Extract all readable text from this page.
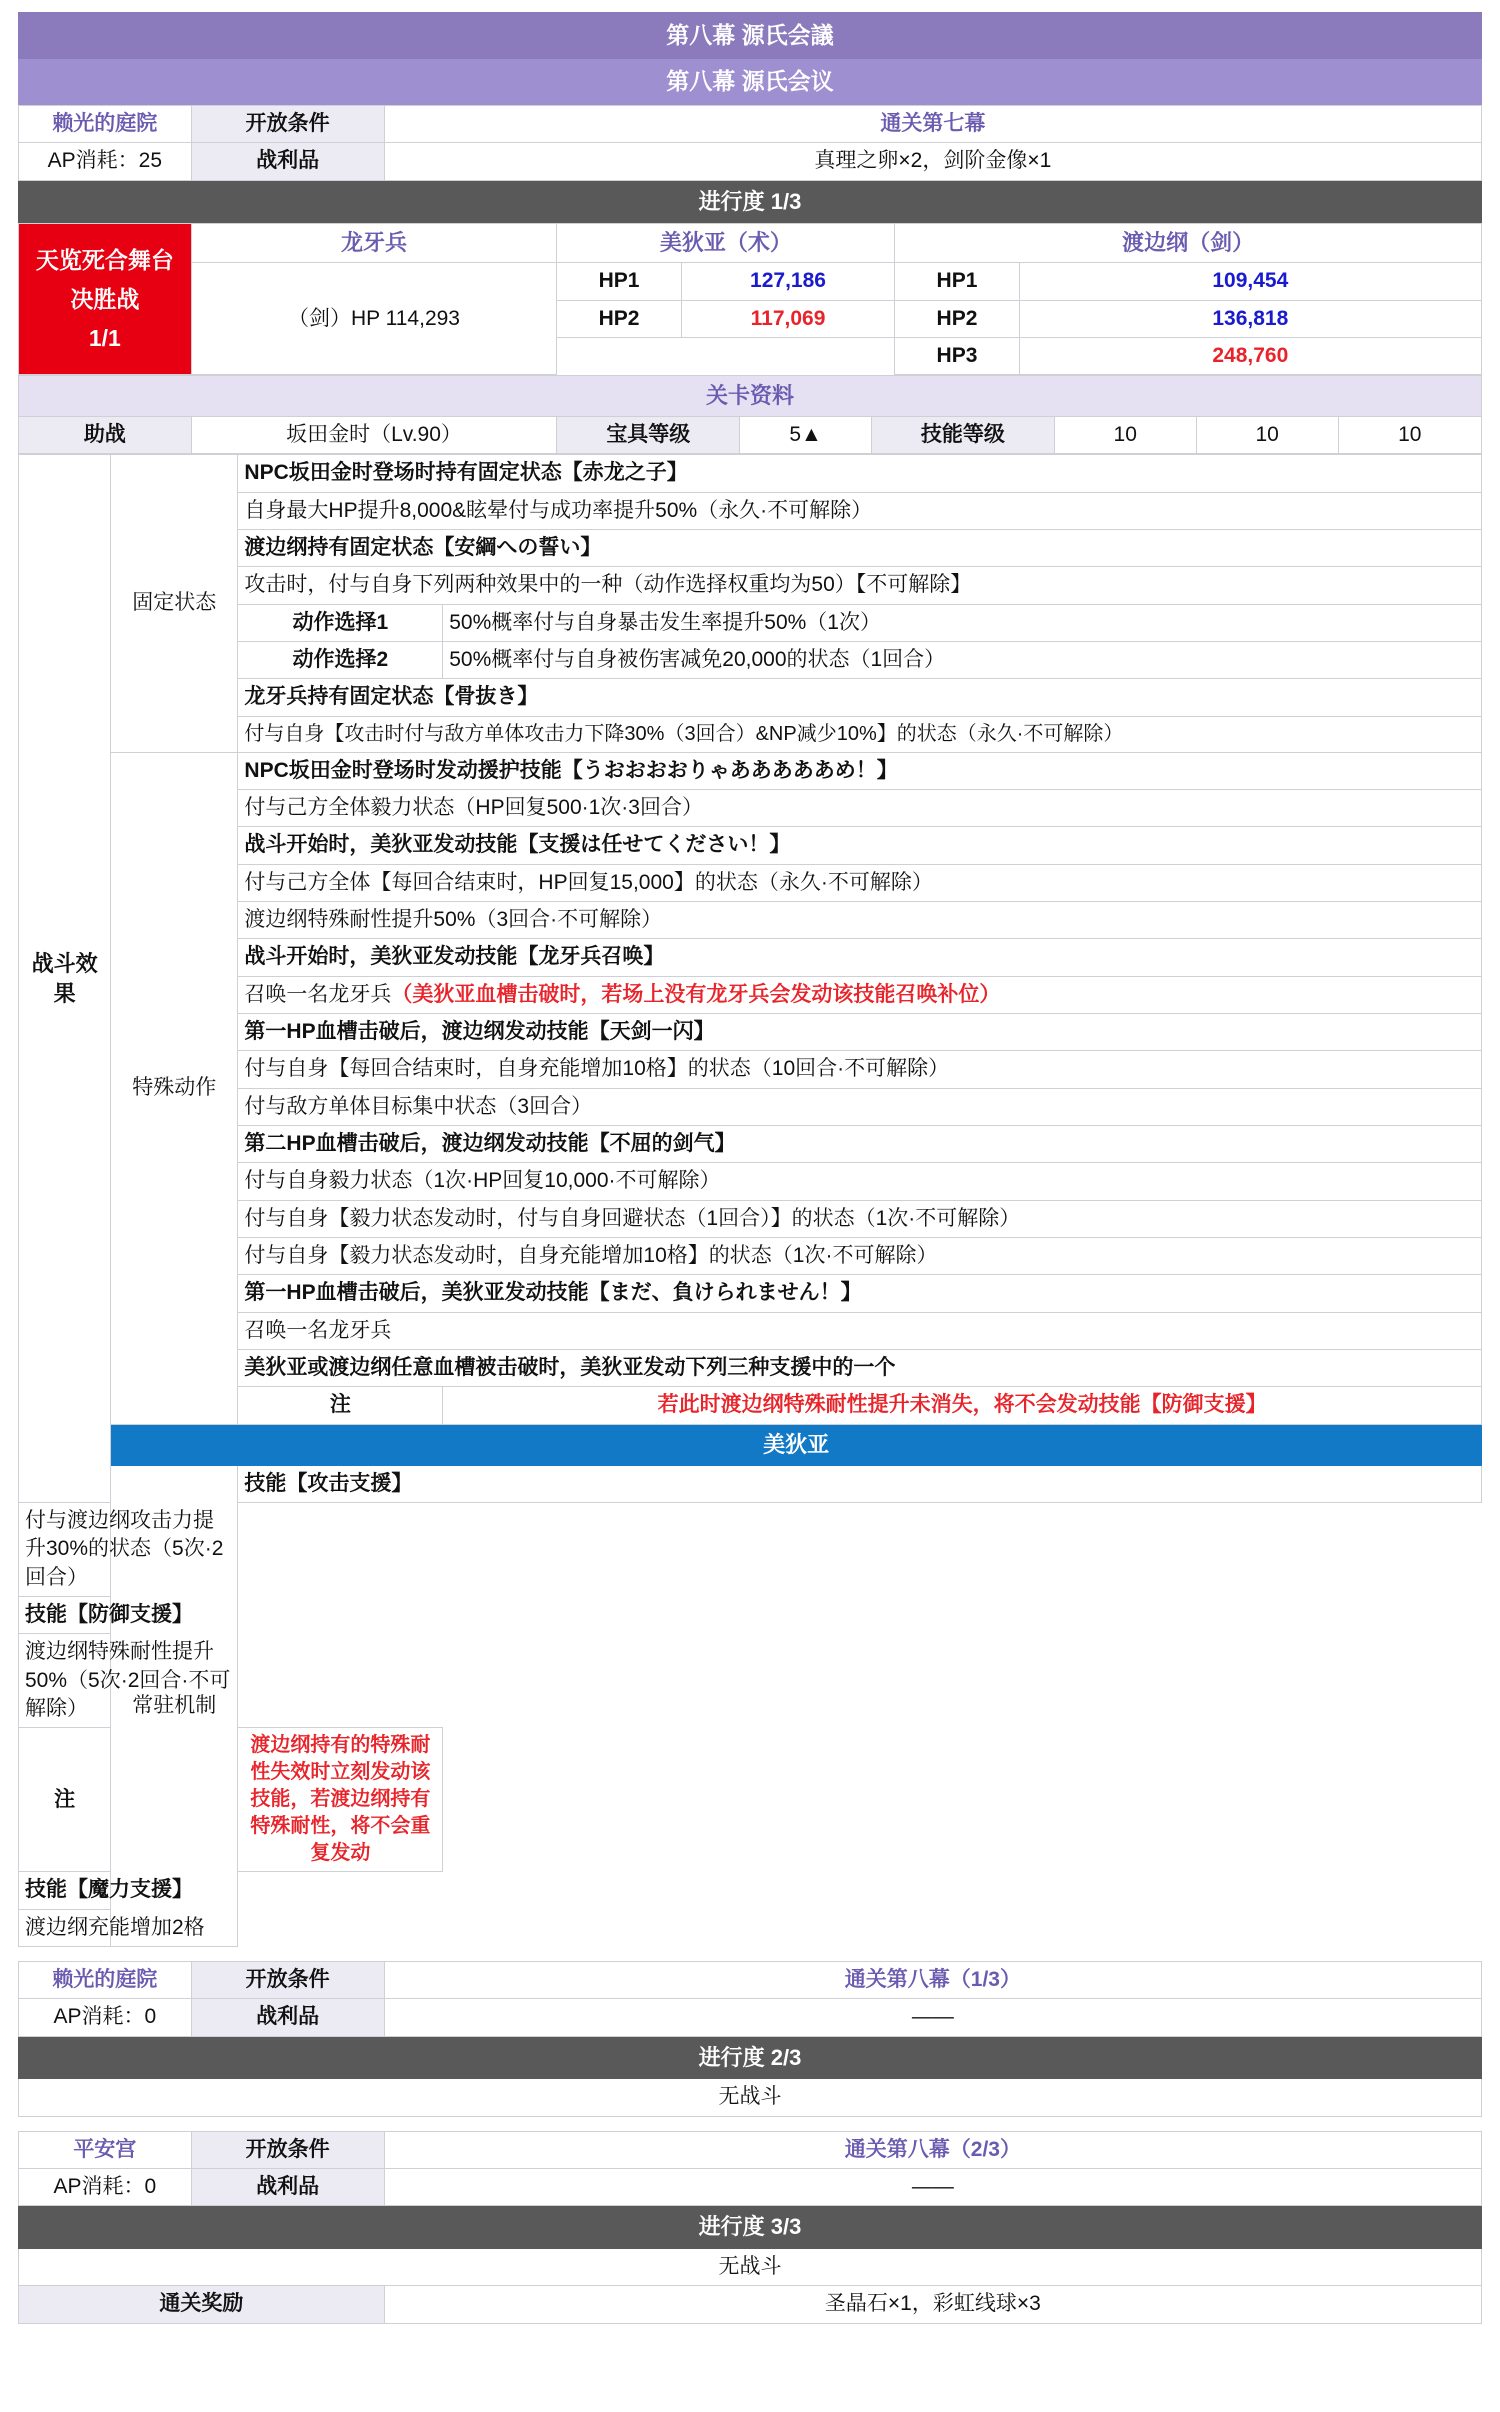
第八幕 源氏会議
第八幕 源氏会议
赖光的庭院	开放条件	通关第七幕
AP消耗：25	战利品	真理之卵×2，剑阶金像×1
进行度 1/3		
天览死合舞台
决胜战
1/1	龙牙兵	美狄亚（术）		渡边纲（剑）	
	（剑）HP 114,293	HP1	127,186	HP1	109,454
		HP2	117,069	HP2	136,818
				HP3	248,760
关卡资料
助战	坂田金时（Lv.90）	宝具等级	5▲	技能等级	10	10	10
战斗效果	固定状态	NPC坂田金时登场时持有固定状态【赤龙之子】	
		自身最大HP提升8,000&眩晕付与成功率提升50%（永久·不可解除）	
		渡边纲持有固定状态【安綱への誓い】	
		攻击时，付与自身下列两种效果中的一种（动作选择权重均为50）【不可解除】	
		动作选择1	50%概率付与自身暴击发生率提升50%（1次）
		动作选择2	50%概率付与自身被伤害减免20,000的状态（1回合）
		龙牙兵持有固定状态【骨抜き】	
		付与自身【攻击时付与敌方单体攻击力下降30%（3回合）&NP减少10%】的状态（永久·不可解除）	
	特殊动作	NPC坂田金时登场时发动援护技能【うおおおおりゃあああああめ！】	
		付与己方全体毅力状态（HP回复500·1次·3回合）	
		战斗开始时，美狄亚发动技能【支援は任せてください！】	
		付与己方全体【每回合结束时，HP回复15,000】的状态（永久·不可解除）	
		渡边纲特殊耐性提升50%（3回合·不可解除）	
		战斗开始时，美狄亚发动技能【龙牙兵召唤】	
		召唤一名龙牙兵（美狄亚血槽击破时，若场上没有龙牙兵会发动该技能召唤补位）	
		第一HP血槽击破后，渡边纲发动技能【天剑一闪】	
		付与自身【每回合结束时，自身充能增加10格】的状态（10回合·不可解除）	
		付与敌方单体目标集中状态（3回合）	
		第二HP血槽击破后，渡边纲发动技能【不屈的剑气】	
		付与自身毅力状态（1次·HP回复10,000·不可解除）	
		付与自身【毅力状态发动时，付与自身回避状态（1回合）】的状态（1次·不可解除）	
		付与自身【毅力状态发动时，自身充能增加10格】的状态（1次·不可解除）	
		第一HP血槽击破后，美狄亚发动技能【まだ、負けられません！】	
		召唤一名龙牙兵	
		美狄亚或渡边纲任意血槽被击破时，美狄亚发动下列三种支援中的一个	
		注	若此时渡边纲特殊耐性提升未消失，将不会发动技能【防御支援】
	美狄亚		
	常驻机制	技能【攻击支援】	
付与渡边纲攻击力提升30%的状态（5次·2回合）			
技能【防御支援】			
渡边纲特殊耐性提升50%（5次·2回合·不可解除）			
注		渡边纲持有的特殊耐性失效时立刻发动该技能，若渡边纲持有特殊耐性，将不会重复发动	
技能【魔力支援】			
渡边纲充能增加2格			
赖光的庭院	开放条件	通关第八幕（1/3）
AP消耗：0	战利品	——
进行度 2/3		
无战斗		
平安宫	开放条件	通关第八幕（2/3）
AP消耗：0	战利品	——
进行度 3/3		
无战斗		
通关奖励		圣晶石×1，彩虹线球×3
